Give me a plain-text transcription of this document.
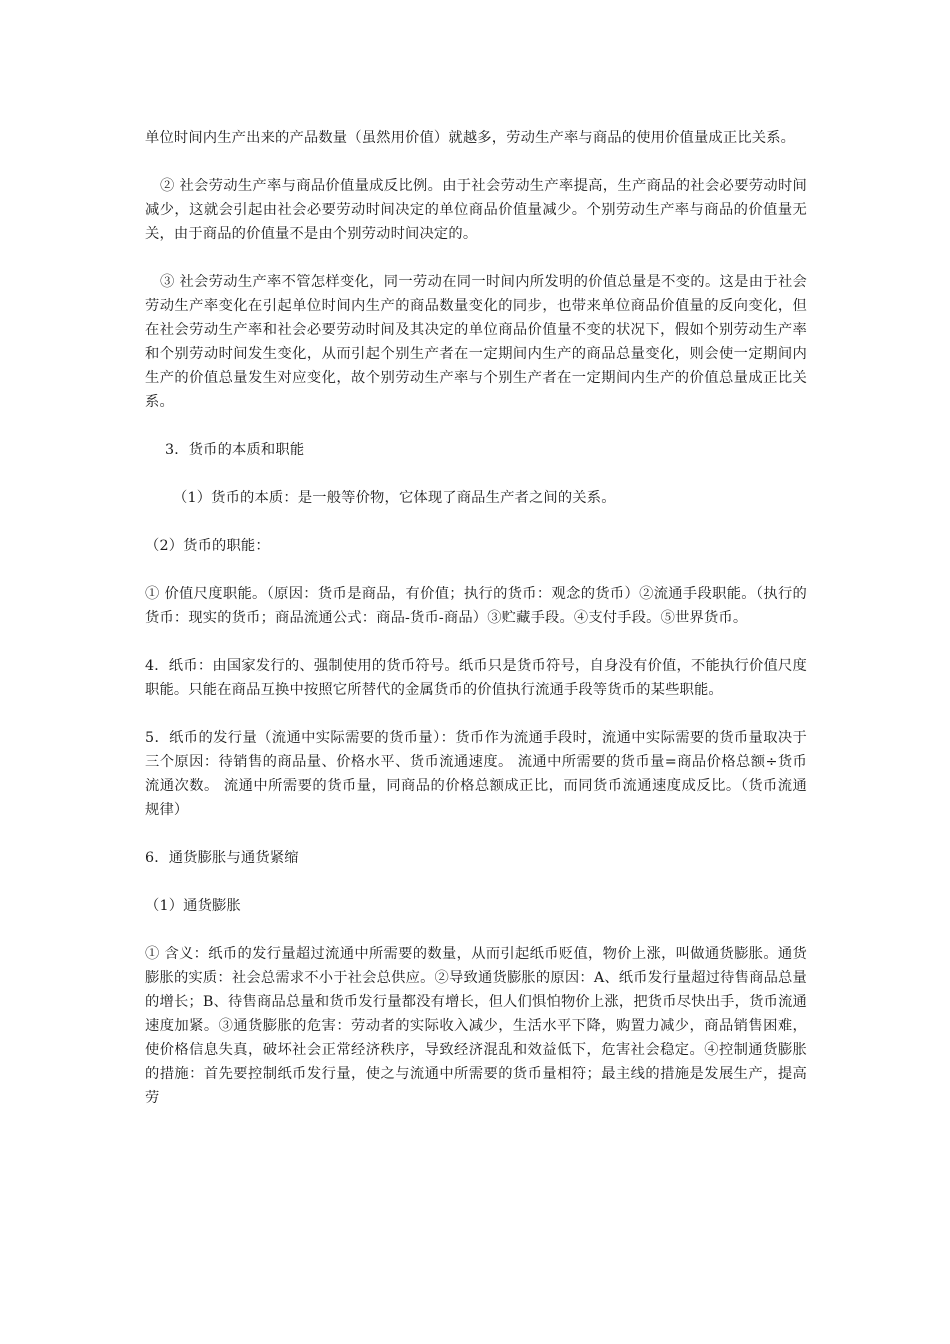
单位时间内生产出来的产品数量（虽然用价值）就越多，劳动生产率与商品的使用价值量成正比关系。

② 社会劳动生产率与商品价值量成反比例。由于社会劳动生产率提高，生产商品的社会必要劳动时间减少，这就会引起由社会必要劳动时间决定的单位商品价值量减少。个别劳动生产率与商品的价值量无关，由于商品的价值量不是由个别劳动时间决定的。

③ 社会劳动生产率不管怎样变化，同一劳动在同一时间内所发明的价值总量是不变的。这是由于社会劳动生产率变化在引起单位时间内生产的商品数量变化的同步，也带来单位商品价值量的反向变化，但在社会劳动生产率和社会必要劳动时间及其决定的单位商品价值量不变的状况下，假如个别劳动生产率和个别劳动时间发生变化，从而引起个别生产者在一定期间内生产的商品总量变化，则会使一定期间内生产的价值总量发生对应变化，故个别劳动生产率与个别生产者在一定期间内生产的价值总量成正比关系。

3．货币的本质和职能

（1）货币的本质：是一般等价物，它体现了商品生产者之间的关系。

（2）货币的职能：

① 价值尺度职能。（原因：货币是商品，有价值；执行的货币：观念的货币）②流通手段职能。（执行的货币：现实的货币；商品流通公式：商品-货币-商品）③贮藏手段。④支付手段。⑤世界货币。

4．纸币：由国家发行的、强制使用的货币符号。纸币只是货币符号，自身没有价值，不能执行价值尺度职能。只能在商品互换中按照它所替代的金属货币的价值执行流通手段等货币的某些职能。

5．纸币的发行量（流通中实际需要的货币量）：货币作为流通手段时，流通中实际需要的货币量取决于三个原因：待销售的商品量、价格水平、货币流通速度。 流通中所需要的货币量=商品价格总额÷货币流通次数。 流通中所需要的货币量，同商品的价格总额成正比，而同货币流通速度成反比。（货币流通规律）

6．通货膨胀与通货紧缩

（1）通货膨胀

① 含义：纸币的发行量超过流通中所需要的数量，从而引起纸币贬值，物价上涨，叫做通货膨胀。通货膨胀的实质：社会总需求不小于社会总供应。②导致通货膨胀的原因：A、纸币发行量超过待售商品总量的增长；B、待售商品总量和货币发行量都没有增长，但人们惧怕物价上涨，把货币尽快出手，货币流通速度加紧。③通货膨胀的危害：劳动者的实际收入减少，生活水平下降，购置力减少，商品销售困难，使价格信息失真，破坏社会正常经济秩序，导致经济混乱和效益低下，危害社会稳定。④控制通货膨胀的措施：首先要控制纸币发行量，使之与流通中所需要的货币量相符；最主线的措施是发展生产，提高劳
